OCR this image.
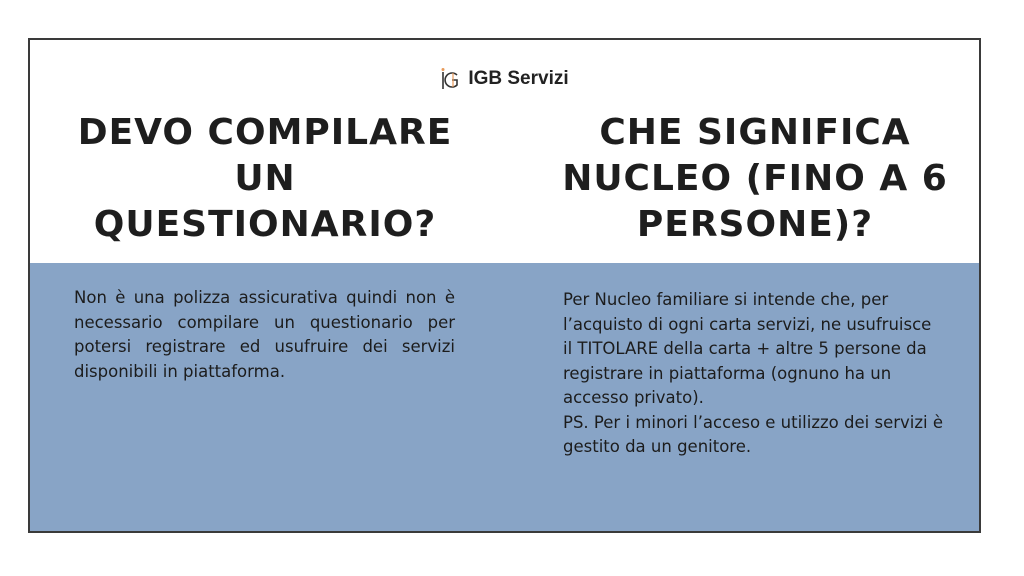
IGB Servizi
DEVO COMPILARE
UN
QUESTIONARIO?
CHE SIGNIFICA
NUCLEO (FINO A 6
PERSONE)?
Non è una polizza assicurativa quindi non è necessario compilare un questionario per potersi registrare ed usufruire dei servizi disponibili in piattaforma.

Per Nucleo familiare si intende che, per

l’acquisto di ogni carta servizi, ne usufruisce

il TITOLARE della carta + altre 5 persone da

registrare in piattaforma (ognuno ha un

accesso privato).

PS. Per i minori l’acceso e utilizzo dei servizi è

gestito da un genitore.
